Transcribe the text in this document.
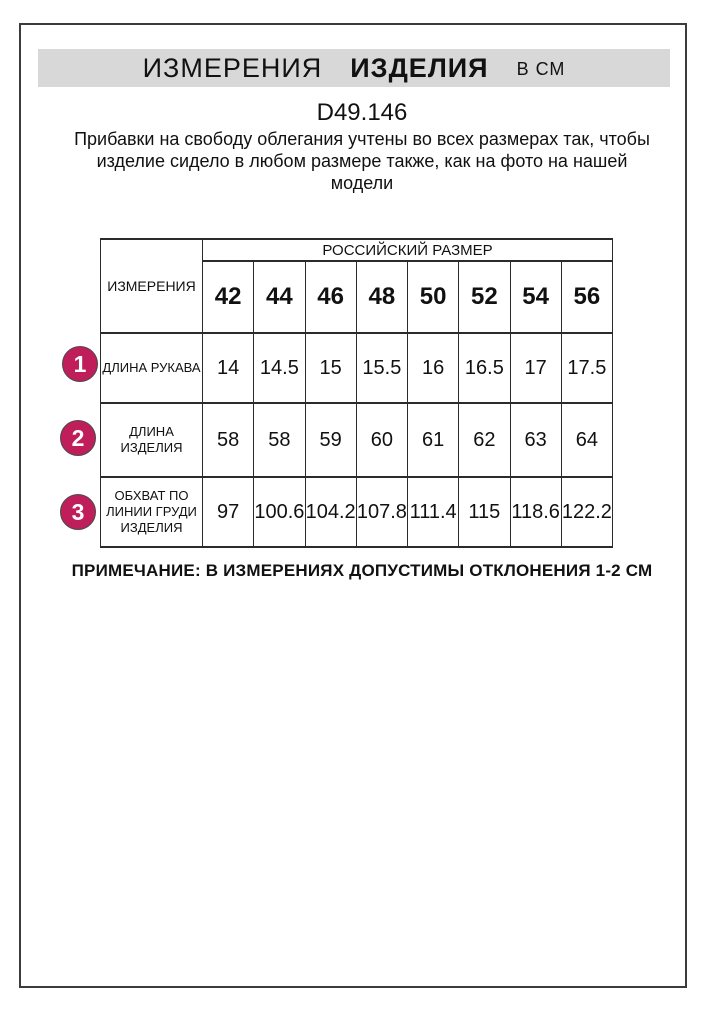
ИЗМЕРЕНИЯ ИЗДЕЛИЯ В СМ
D49.146
Прибавки на свободу облегания учтены во всех размерах так, чтобы изделие сидело в любом размере также, как на фото на нашей модели
ИЗМЕРЕНИЯ	РОССИЙСКИЙ РАЗМЕР							
	42	44	46	48	50	52	54	56
ДЛИНА РУКАВА	14	14.5	15	15.5	16	16.5	17	17.5
ДЛИНА ИЗДЕЛИЯ	58	58	59	60	61	62	63	64
ОБХВАТ ПО ЛИНИИ ГРУДИ ИЗДЕЛИЯ	97	100.6	104.2	107.8	111.4	115	118.6	122.2
1
2
3
ПРИМЕЧАНИЕ: В ИЗМЕРЕНИЯХ ДОПУСТИМЫ ОТКЛОНЕНИЯ 1-2 СМ
